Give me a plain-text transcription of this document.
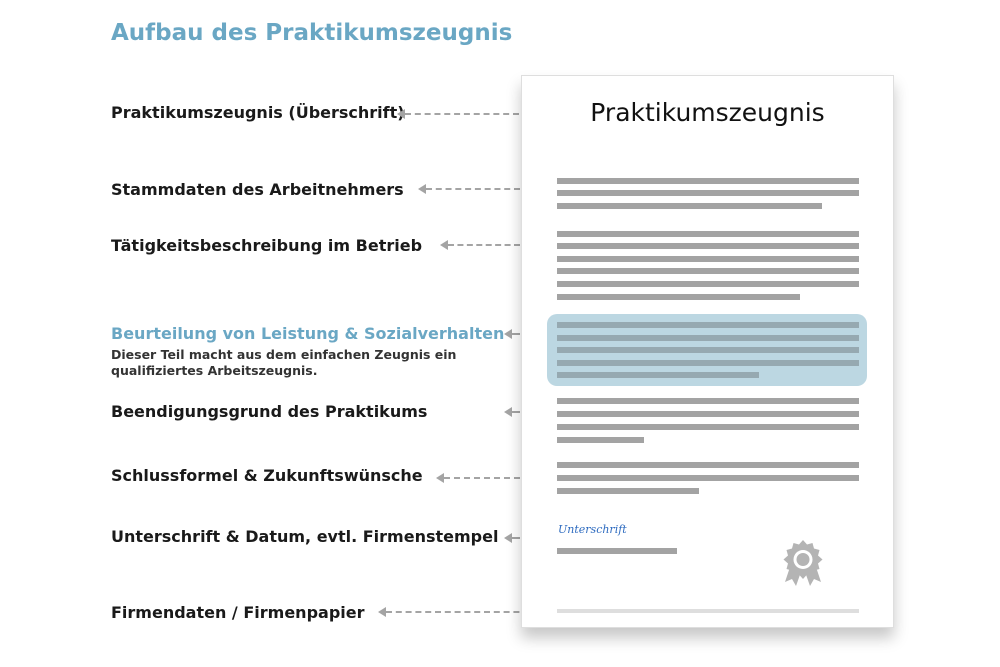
Aufbau des Praktikumszeugnis
Praktikumszeugnis (Überschrift)
Stammdaten des Arbeitnehmers
Tätigkeitsbeschreibung im Betrieb
Beurteilung von Leistung & Sozialverhalten
Dieser Teil macht aus dem einfachen Zeugnis ein qualifiziertes Arbeitszeugnis.
Beendigungsgrund des Praktikums
Schlussformel & Zukunftswünsche
Unterschrift & Datum, evtl. Firmenstempel
Firmendaten / Firmenpapier
Praktikumszeugnis
Unterschrift
